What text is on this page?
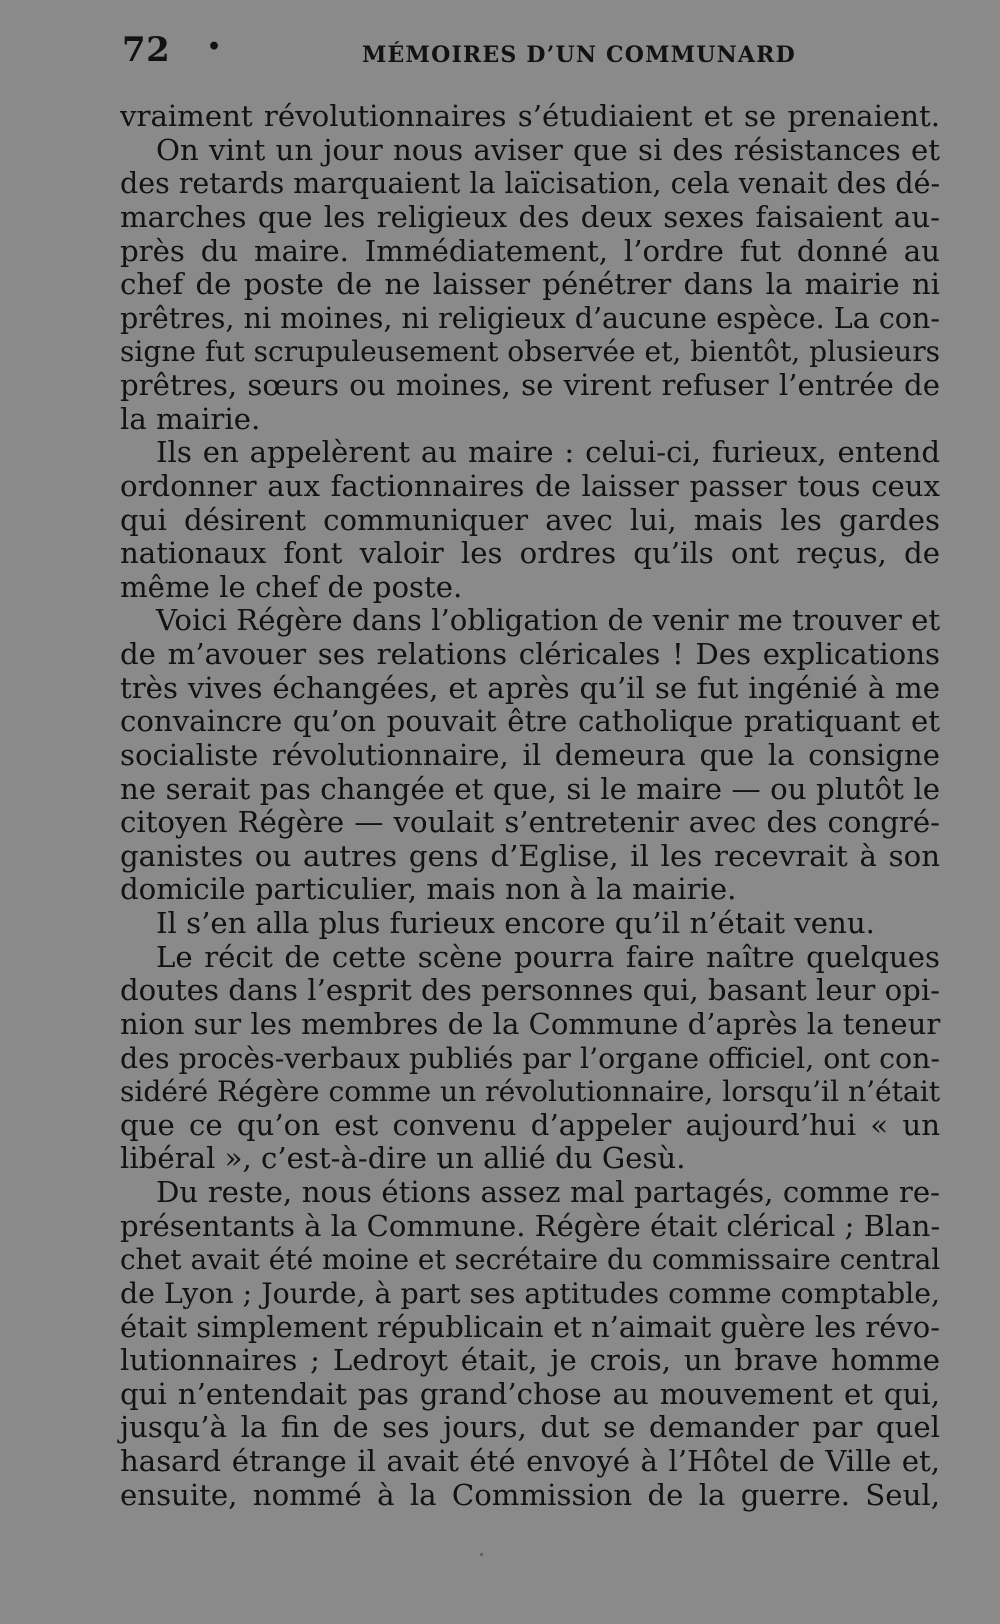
72 •	MÉMOIRES D’UN COMMUNARD
vraiment révolutionnaires s’étudiaient et se prenaient.
On vint un jour nous aviser que si des résistances et
des retards marquaient la laïcisation, cela venait des dé-
marches que les religieux des deux sexes faisaient au-
près du maire. Immédiatement, l’ordre fut donné au
chef de poste de ne laisser pénétrer dans la mairie ni
prêtres, ni moines, ni religieux d’aucune espèce. La con-
signe fut scrupuleusement observée et, bientôt, plusieurs
prêtres, sœurs ou moines, se virent refuser l’entrée de
la mairie.
Ils en appelèrent au maire : celui-ci, furieux, entend
ordonner aux factionnaires de laisser passer tous ceux
qui désirent communiquer avec lui, mais les gardes
nationaux font valoir les ordres qu’ils ont reçus, de
même le chef de poste.
Voici Régère dans l’obligation de venir me trouver et
de m’avouer ses relations cléricales ! Des explications
très vives échangées, et après qu’il se fut ingénié à me
convaincre qu’on pouvait être catholique pratiquant et
socialiste révolutionnaire, il demeura que la consigne
ne serait pas changée et que, si le maire — ou plutôt le
citoyen Régère — voulait s’entretenir avec des congré-
ganistes ou autres gens d’Eglise, il les recevrait à son
domicile particulier, mais non à la mairie.
Il s’en alla plus furieux encore qu’il n’était venu.
Le récit de cette scène pourra faire naître quelques
doutes dans l’esprit des personnes qui, basant leur opi-
nion sur les membres de la Commune d’après la teneur
des procès-verbaux publiés par l’organe officiel, ont con-
sidéré Régère comme un révolutionnaire, lorsqu’il n’était
que ce qu’on est convenu d’appeler aujourd’hui « un
libéral », c’est-à-dire un allié du Gesù.
Du reste, nous étions assez mal partagés, comme re-
présentants à la Commune. Régère était clérical ; Blan-
chet avait été moine et secrétaire du commissaire central
de Lyon ; Jourde, à part ses aptitudes comme comptable,
était simplement républicain et n’aimait guère les révo-
lutionnaires ; Ledroyt était, je crois, un brave homme
qui n’entendait pas grand’chose au mouvement et qui,
jusqu’à la fin de ses jours, dut se demander par quel
hasard étrange il avait été envoyé à l’Hôtel de Ville et,
ensuite, nommé à la Commission de la guerre. Seul,
